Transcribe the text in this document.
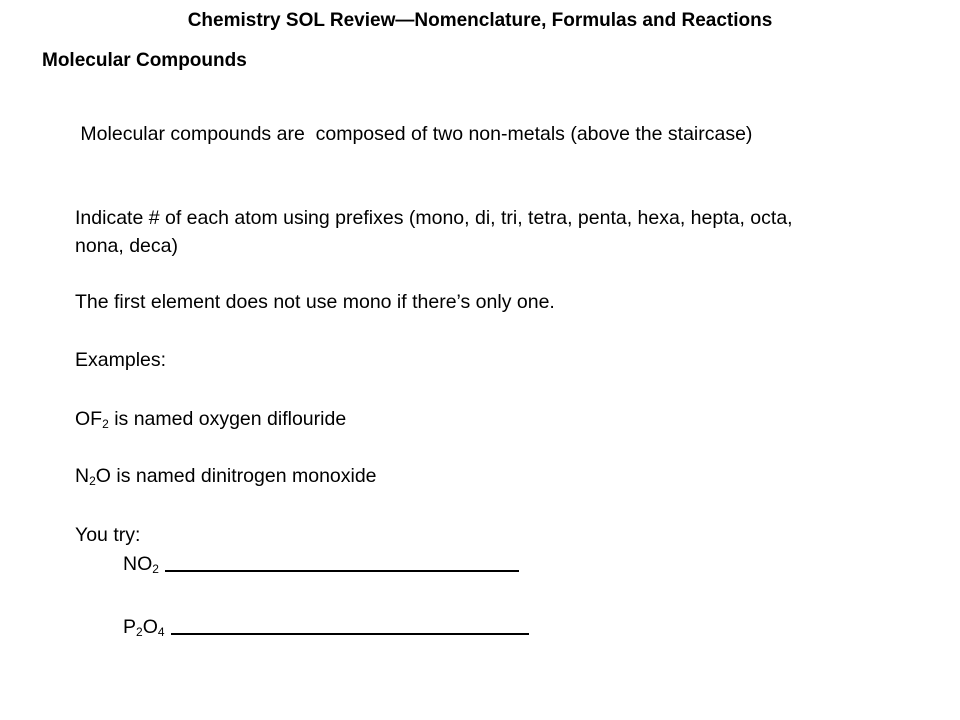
Chemistry SOL Review—Nomenclature, Formulas and Reactions
Molecular Compounds
Molecular compounds are  composed of two non-metals (above the staircase)
Indicate # of each atom using prefixes (mono, di, tri, tetra, penta, hexa, hepta, octa, nona, deca)
The first element does not use mono if there’s only one.
Examples:
$OF_2$ is named oxygen diflouride
$N_2O$ is named dinitrogen monoxide
You try:
$NO_2$
$P_2O_4$
